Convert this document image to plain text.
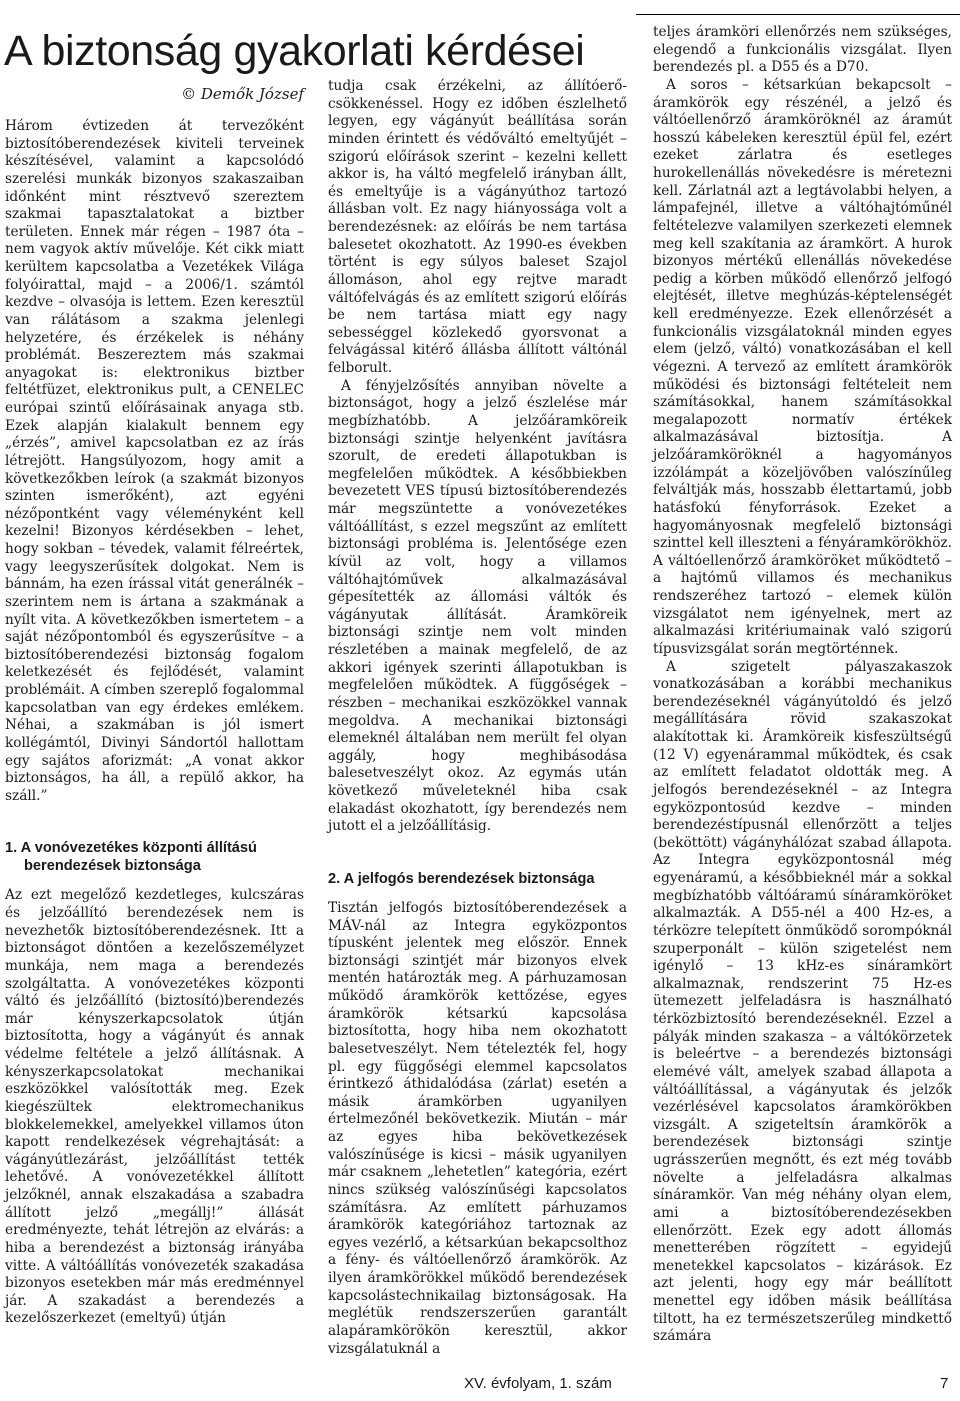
A biztonság gyakorlati kérdései
© Demők József

Három évtizeden át tervezőként biztosítóberendezések kiviteli terveinek készítésével, valamint a kapcsolódó szerelési munkák bizonyos szakaszaiban időnként mint résztvevő szereztem szakmai tapasztalatokat a biztber területen. Ennek már régen – 1987 óta – nem vagyok aktív művelője. Két cikk miatt kerültem kapcsolatba a Vezetékek Világa folyóirattal, majd – a 2006/1. számtól kezdve – olvasója is lettem. Ezen keresztül van rálátásom a szakma jelenlegi helyzetére, és érzékelek is néhány problémát. Beszereztem más szakmai anyagokat is: elektronikus biztber feltétfüzet, elektronikus pult, a CENELEC európai szintű előírásainak anyaga stb. Ezek alapján kialakult bennem egy „érzés”, amivel kapcsolatban ez az írás létrejött. Hangsúlyozom, hogy amit a következőkben leírok (a szakmát bizonyos szinten ismerőként), azt egyéni nézőpontként vagy véleményként kell kezelni! Bizonyos kérdésekben – lehet, hogy sokban – tévedek, valamit félreértek, vagy leegyszerűsítek dolgokat. Nem is bánnám, ha ezen írással vitát generálnék – szerintem nem is ártana a szakmának a nyílt vita. A következőkben ismertetem – a saját nézőpontomból és egyszerűsítve – a biztosítóberendezési biztonság fogalom keletkezését és fejlődését, valamint problémáit. A címben szereplő fogalommal kapcsolatban van egy érdekes emlékem. Néhai, a szakmában is jól ismert kollégámtól, Divinyi Sándortól hallottam egy sajátos aforizmát: „A vonat akkor biztonságos, ha áll, a repülő akkor, ha száll.”

1. A vonóvezetékes központi állítású berendezések biztonsága

Az ezt megelőző kezdetleges, kulcszáras és jelzőállító berendezések nem is nevezhetők biztosítóberendezésnek. Itt a biztonságot döntően a kezelőszemélyzet munkája, nem maga a berendezés szolgáltatta. A vonóvezetékes központi váltó és jelzőállító (biztosító)berendezés már kényszerkapcsolatok útján biztosította, hogy a vágányút és annak védelme feltétele a jelző állításnak. A kényszerkapcsolatokat mechanikai eszközökkel valósították meg. Ezek kiegészültek elektromechanikus blokkelemekkel, amelyekkel villamos úton kapott rendelkezések végrehajtását: a vágányútlezárást, jelzőállítást tették lehetővé. A vonóvezetékkel állított jelzőknél, annak elszakadása a szabadra állított jelző „megállj!” állását eredményezte, tehát létrejön az elvárás: a hiba a berendezést a biztonság irányába vitte. A váltóállítás vonóvezeték szakadása bizonyos esetekben már más eredménnyel jár. A szakadást a berendezés a kezelőszerkezet (emeltyű) útján

tudja csak érzékelni, az állítóerő-csökkenéssel. Hogy ez időben észlelhető legyen, egy vágányút beállítása során minden érintett és védőváltó emeltyűjét – szigorú előírások szerint – kezelni kellett akkor is, ha váltó megfelelő irányban állt, és emeltyűje is a vágányúthoz tartozó állásban volt. Ez nagy hiányossága volt a berendezésnek: az előírás be nem tartása balesetet okozhatott. Az 1990-es években történt is egy súlyos baleset Szajol állomáson, ahol egy rejtve maradt váltófelvágás és az említett szigorú előírás be nem tartása miatt egy nagy sebességgel közlekedő gyorsvonat a felvágással kitérő állásba állított váltónál felborult.

A fényjelzősítés annyiban növelte a biztonságot, hogy a jelző észlelése már megbízhatóbb. A jelzőáramköreik biztonsági szintje helyenként javításra szorult, de eredeti állapotukban is megfelelően működtek. A későbbiekben bevezetett VES típusú biztosítóberendezés már megszüntette a vonóvezetékes váltóállítást, s ezzel megszűnt az említett biztonsági probléma is. Jelentősége ezen kívül az volt, hogy a villamos váltóhajtóművek alkalmazásával gépesítették az állomási váltók és vágányutak állítását. Áramköreik biztonsági szintje nem volt minden részletében a mainak megfelelő, de az akkori igények szerinti állapotukban is megfelelően működtek. A függőségek – részben – mechanikai eszközökkel vannak megoldva. A mechanikai biztonsági elemeknél általában nem merült fel olyan aggály, hogy meghibásodása balesetveszélyt okoz. Az egymás után következő műveleteknél hiba csak elakadást okozhatott, így berendezés nem jutott el a jelzőállításig.

2. A jelfogós berendezések biztonsága

Tisztán jelfogós biztosítóberendezések a MÁV-nál az Integra egyközpontos típusként jelentek meg először. Ennek biztonsági szintjét már bizonyos elvek mentén határozták meg. A párhuzamosan működő áramkörök kettőzése, egyes áramkörök kétsarkú kapcsolása biztosította, hogy hiba nem okozhatott balesetveszélyt. Nem tételezték fel, hogy pl. egy függőségi elemmel kapcsolatos érintkező áthidalódása (zárlat) esetén a másik áramkörben ugyanilyen értelmezőnél bekövetkezik. Miután – már az egyes hiba bekövetkezések valószínűsége is kicsi – másik ugyanilyen már csaknem „lehetetlen” kategória, ezért nincs szükség valószínűségi kapcsolatos számításra. Az említett párhuzamos áramkörök kategóriához tartoznak az egyes vezérlő, a kétsarkúan bekapcsolthoz a fény- és váltóellenőrző áramkörök. Az ilyen áramkörökkel működő berendezések kapcsolástechnikailag biztonságosak. Ha meglétük rendszerszerűen garantált alapáramkörökön keresztül, akkor vizsgálatuknál a

teljes áramköri ellenőrzés nem szükséges, elegendő a funkcionális vizsgálat. Ilyen berendezés pl. a D55 és a D70.

A soros – kétsarkúan bekapcsolt – áramkörök egy részénél, a jelző és váltóellenőrző áramköröknél az áramút hosszú kábeleken keresztül épül fel, ezért ezeket zárlatra és esetleges hurokellenállás növekedésre is méretezni kell. Zárlatnál azt a legtávolabbi helyen, a lámpafejnél, illetve a váltóhajtóműnél feltételezve valamilyen szerkezeti elemnek meg kell szakítania az áramkört. A hurok bizonyos mértékű ellenállás növekedése pedig a körben működő ellenőrző jelfogó elejtését, illetve meghúzás-képtelenségét kell eredményezze. Ezek ellenőrzését a funkcionális vizsgálatoknál minden egyes elem (jelző, váltó) vonatkozásában el kell végezni. A tervező az említett áramkörök működési és biztonsági feltételeit nem számításokkal, hanem számításokkal megalapozott normatív értékek alkalmazásával biztosítja. A jelzőáramköröknél a hagyományos izzólámpát a közeljövőben valószínűleg felváltják más, hosszabb élettartamú, jobb hatásfokú fényforrások. Ezeket a hagyományosnak megfelelő biztonsági szinttel kell illeszteni a fényáramkörökhöz. A váltóellenőrző áramköröket működtető – a hajtómű villamos és mechanikus rendszeréhez tartozó – elemek külön vizsgálatot nem igényelnek, mert az alkalmazási kritériumainak való szigorú típusvizsgálat során megtörténnek.

A szigetelt pályaszakaszok vonatkozásában a korábbi mechanikus berendezéseknél vágányútoldó és jelző megállítására rövid szakaszokat alakítottak ki. Áramköreik kisfeszültségű (12 V) egyenárammal működtek, és csak az említett feladatot oldották meg. A jelfogós berendezéseknél – az Integra egyközpontosúd kezdve – minden berendezéstípusnál ellenőrzött a teljes (beköttött) vágányhálózat szabad állapota. Az Integra egyközpontosnál még egyenáramú, a későbbieknél már a sokkal megbízhatóbb váltóáramú sínáramköröket alkalmazták. A D55-nél a 400 Hz-es, a térközre telepített önműködő sorompóknál szuperponált – külön szigetelést nem igénylő – 13 kHz-es sínáramkört alkalmaznak, rendszerint 75 Hz-es ütemezett jelfeladásra is használható térközbiztosító berendezéseknél. Ezzel a pályák minden szakasza – a váltókörzetek is beleértve – a berendezés biztonsági elemévé vált, amelyek szabad állapota a váltóállítással, a vágányutak és jelzők vezérlésével kapcsolatos áramkörökben vizsgált. A szigeteltsín áramkörök a berendezések biztonsági szintje ugrásszerűen megnőtt, és ezt még tovább növelte a jelfeladásra alkalmas sínáramkör. Van még néhány olyan elem, ami a biztosítóberendezésekben ellenőrzött. Ezek egy adott állomás menetterében rögzített – egyidejű menetekkel kapcsolatos – kizárások. Ez azt jelenti, hogy egy már beállított menettel egy időben másik beállítása tiltott, ha ez természetszerűleg mindkettő számára

XV. évfolyam, 1. szám	7
